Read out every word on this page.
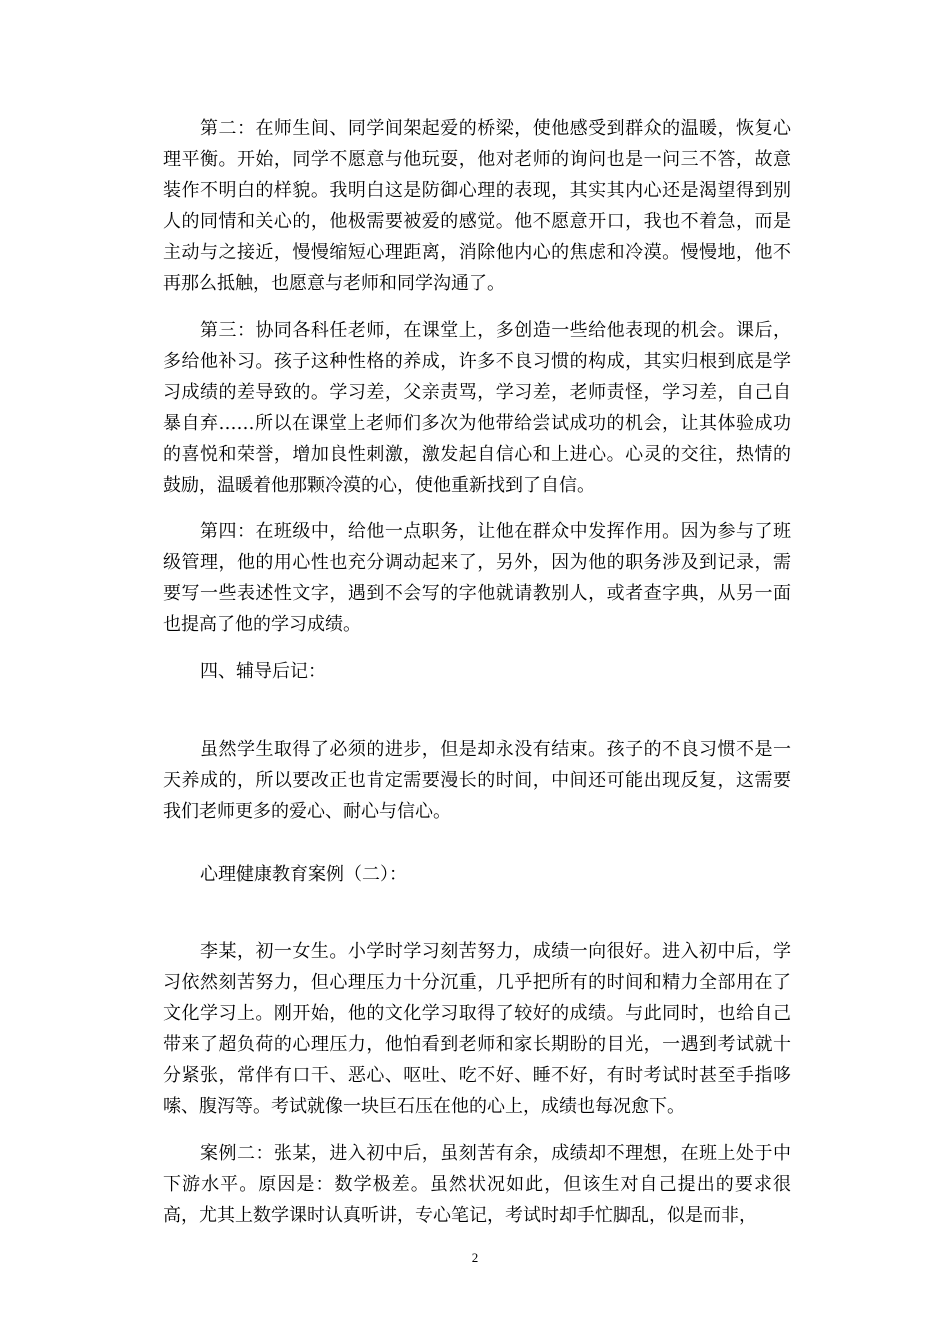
第二：在师生间、同学间架起爱的桥梁，使他感受到群众的温暖，恢复心理平衡。开始，同学不愿意与他玩耍，他对老师的询问也是一问三不答，故意装作不明白的样貌。我明白这是防御心理的表现，其实其内心还是渴望得到别人的同情和关心的，他极需要被爱的感觉。他不愿意开口，我也不着急，而是主动与之接近，慢慢缩短心理距离，消除他内心的焦虑和冷漠。慢慢地，他不再那么抵触，也愿意与老师和同学沟通了。

第三：协同各科任老师，在课堂上，多创造一些给他表现的机会。课后，多给他补习。孩子这种性格的养成，许多不良习惯的构成，其实归根到底是学习成绩的差导致的。学习差，父亲责骂，学习差，老师责怪，学习差，自己自暴自弃……所以在课堂上老师们多次为他带给尝试成功的机会，让其体验成功的喜悦和荣誉，增加良性刺激，激发起自信心和上进心。心灵的交往，热情的鼓励，温暖着他那颗冷漠的心，使他重新找到了自信。

第四：在班级中，给他一点职务，让他在群众中发挥作用。因为参与了班级管理，他的用心性也充分调动起来了，另外，因为他的职务涉及到记录，需要写一些表述性文字，遇到不会写的字他就请教别人，或者查字典，从另一面也提高了他的学习成绩。

四、辅导后记：

虽然学生取得了必须的进步，但是却永没有结束。孩子的不良习惯不是一天养成的，所以要改正也肯定需要漫长的时间，中间还可能出现反复，这需要我们老师更多的爱心、耐心与信心。

心理健康教育案例（二）：

李某，初一女生。小学时学习刻苦努力，成绩一向很好。进入初中后，学习依然刻苦努力，但心理压力十分沉重，几乎把所有的时间和精力全部用在了文化学习上。刚开始，他的文化学习取得了较好的成绩。与此同时，也给自己带来了超负荷的心理压力，他怕看到老师和家长期盼的目光，一遇到考试就十分紧张，常伴有口干、恶心、呕吐、吃不好、睡不好，有时考试时甚至手指哆嗦、腹泻等。考试就像一块巨石压在他的心上，成绩也每况愈下。

案例二：张某，进入初中后，虽刻苦有余，成绩却不理想，在班上处于中下游水平。原因是：数学极差。虽然状况如此，但该生对自己提出的要求很高，尤其上数学课时认真听讲，专心笔记，考试时却手忙脚乱，似是而非，

2
